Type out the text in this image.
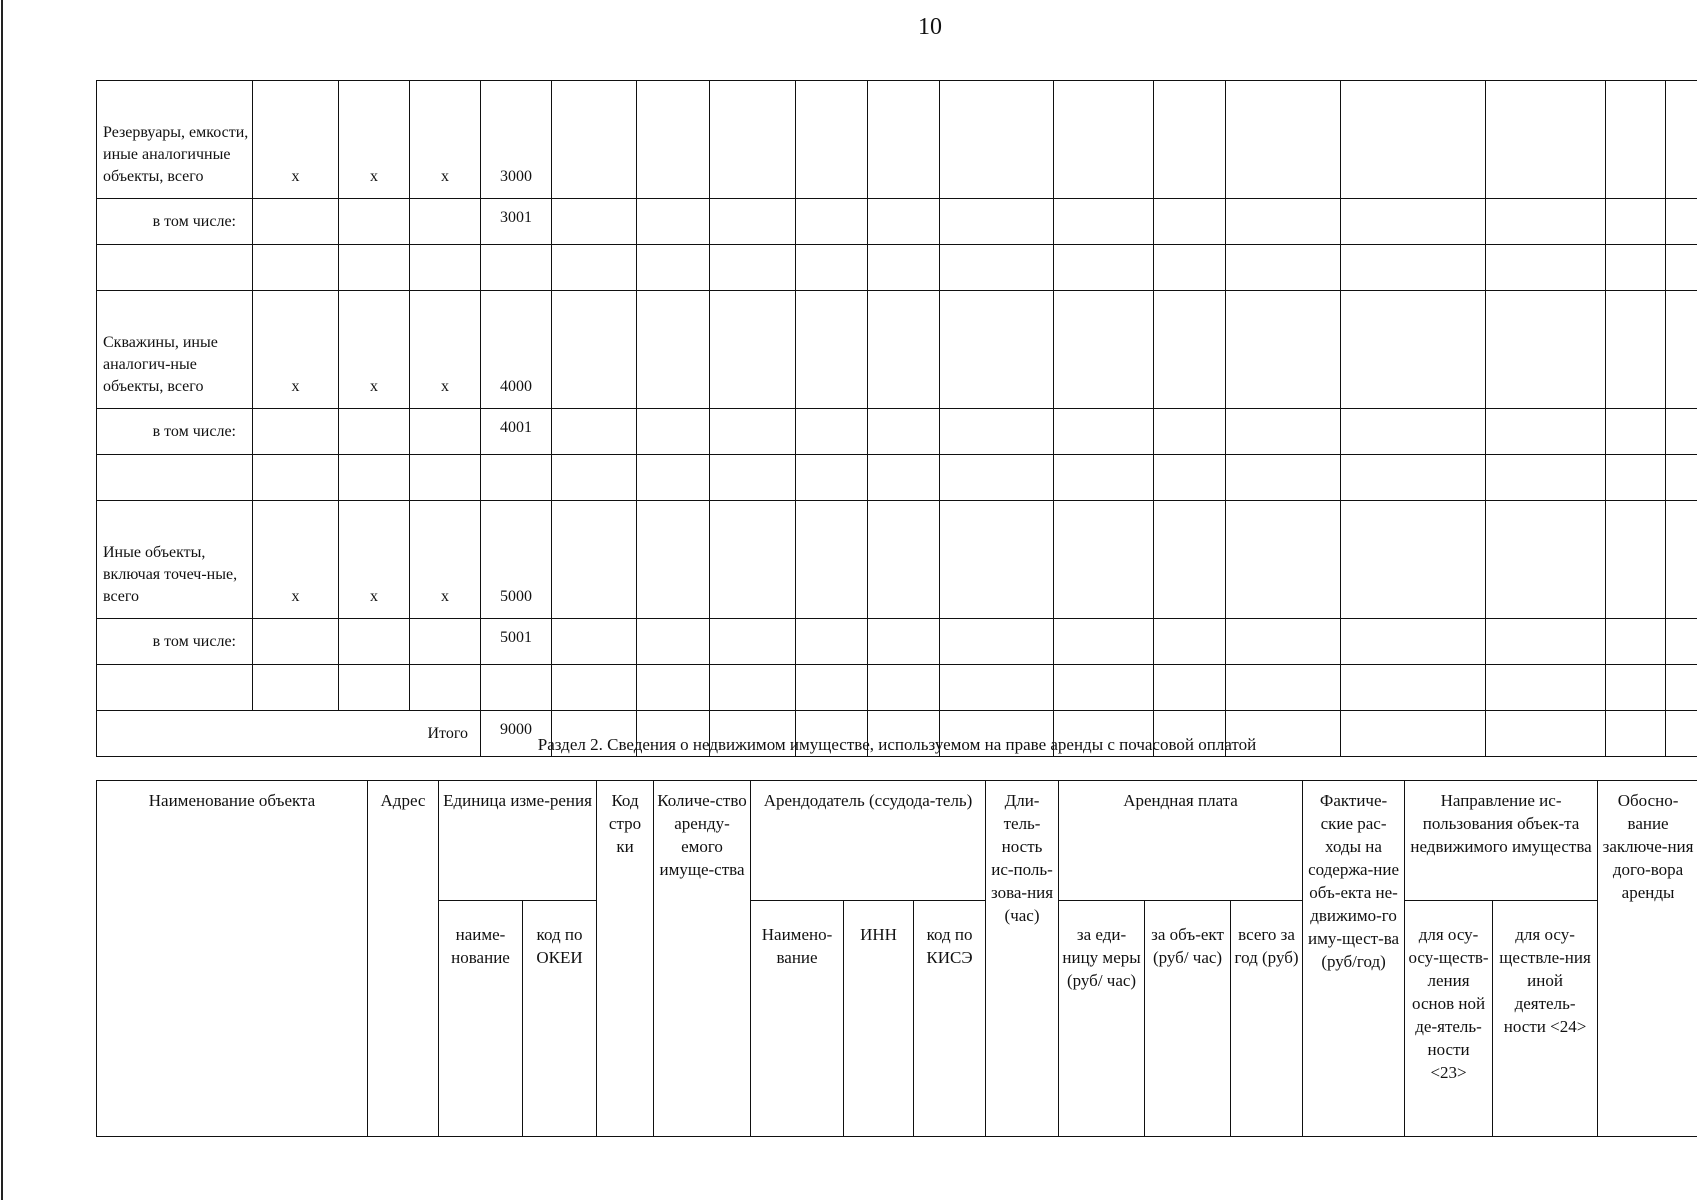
10
Резервуары, емкости, иные аналогичные объекты, всего	х	х	х	3000													
в том числе:				3001													

Скважины, иные аналогич-ные объекты, всего	х	х	х	4000													
в том числе:				4001													

Иные объекты, включая точеч-ные, всего	х	х	х	5000													
в том числе:				5001													

Итого				9000													
Раздел 2. Сведения о недвижимом имуществе, используемом на праве аренды с почасовой оплатой
Наименование объекта	Адрес	Единица изме-рения		Код стро ки	Количе-ство аренду-емого имуще-ства	Арендодатель (ссудода-тель)			Дли-тель-ность ис-поль-зова-ния (час)	Арендная плата			Фактиче-ские рас-ходы на содержа-ние объ-екта не-движимо-го иму-щест-ва (руб/год)	Направление ис-пользования объек-та недвижимого имущества		Обосно-вание заключе-ния дого-вора аренды
		наиме-нование	код по ОКЕИ			Наимено-вание	ИНН	код по КИСЭ		за еди-ницу меры (руб/ час)	за объ-ект (руб/ час)	всего за год (руб)		для осу-осу-ществ-ления основ ной де-ятель-ности <23>	для осу-ществле-ния иной деятель-ности <24>	
